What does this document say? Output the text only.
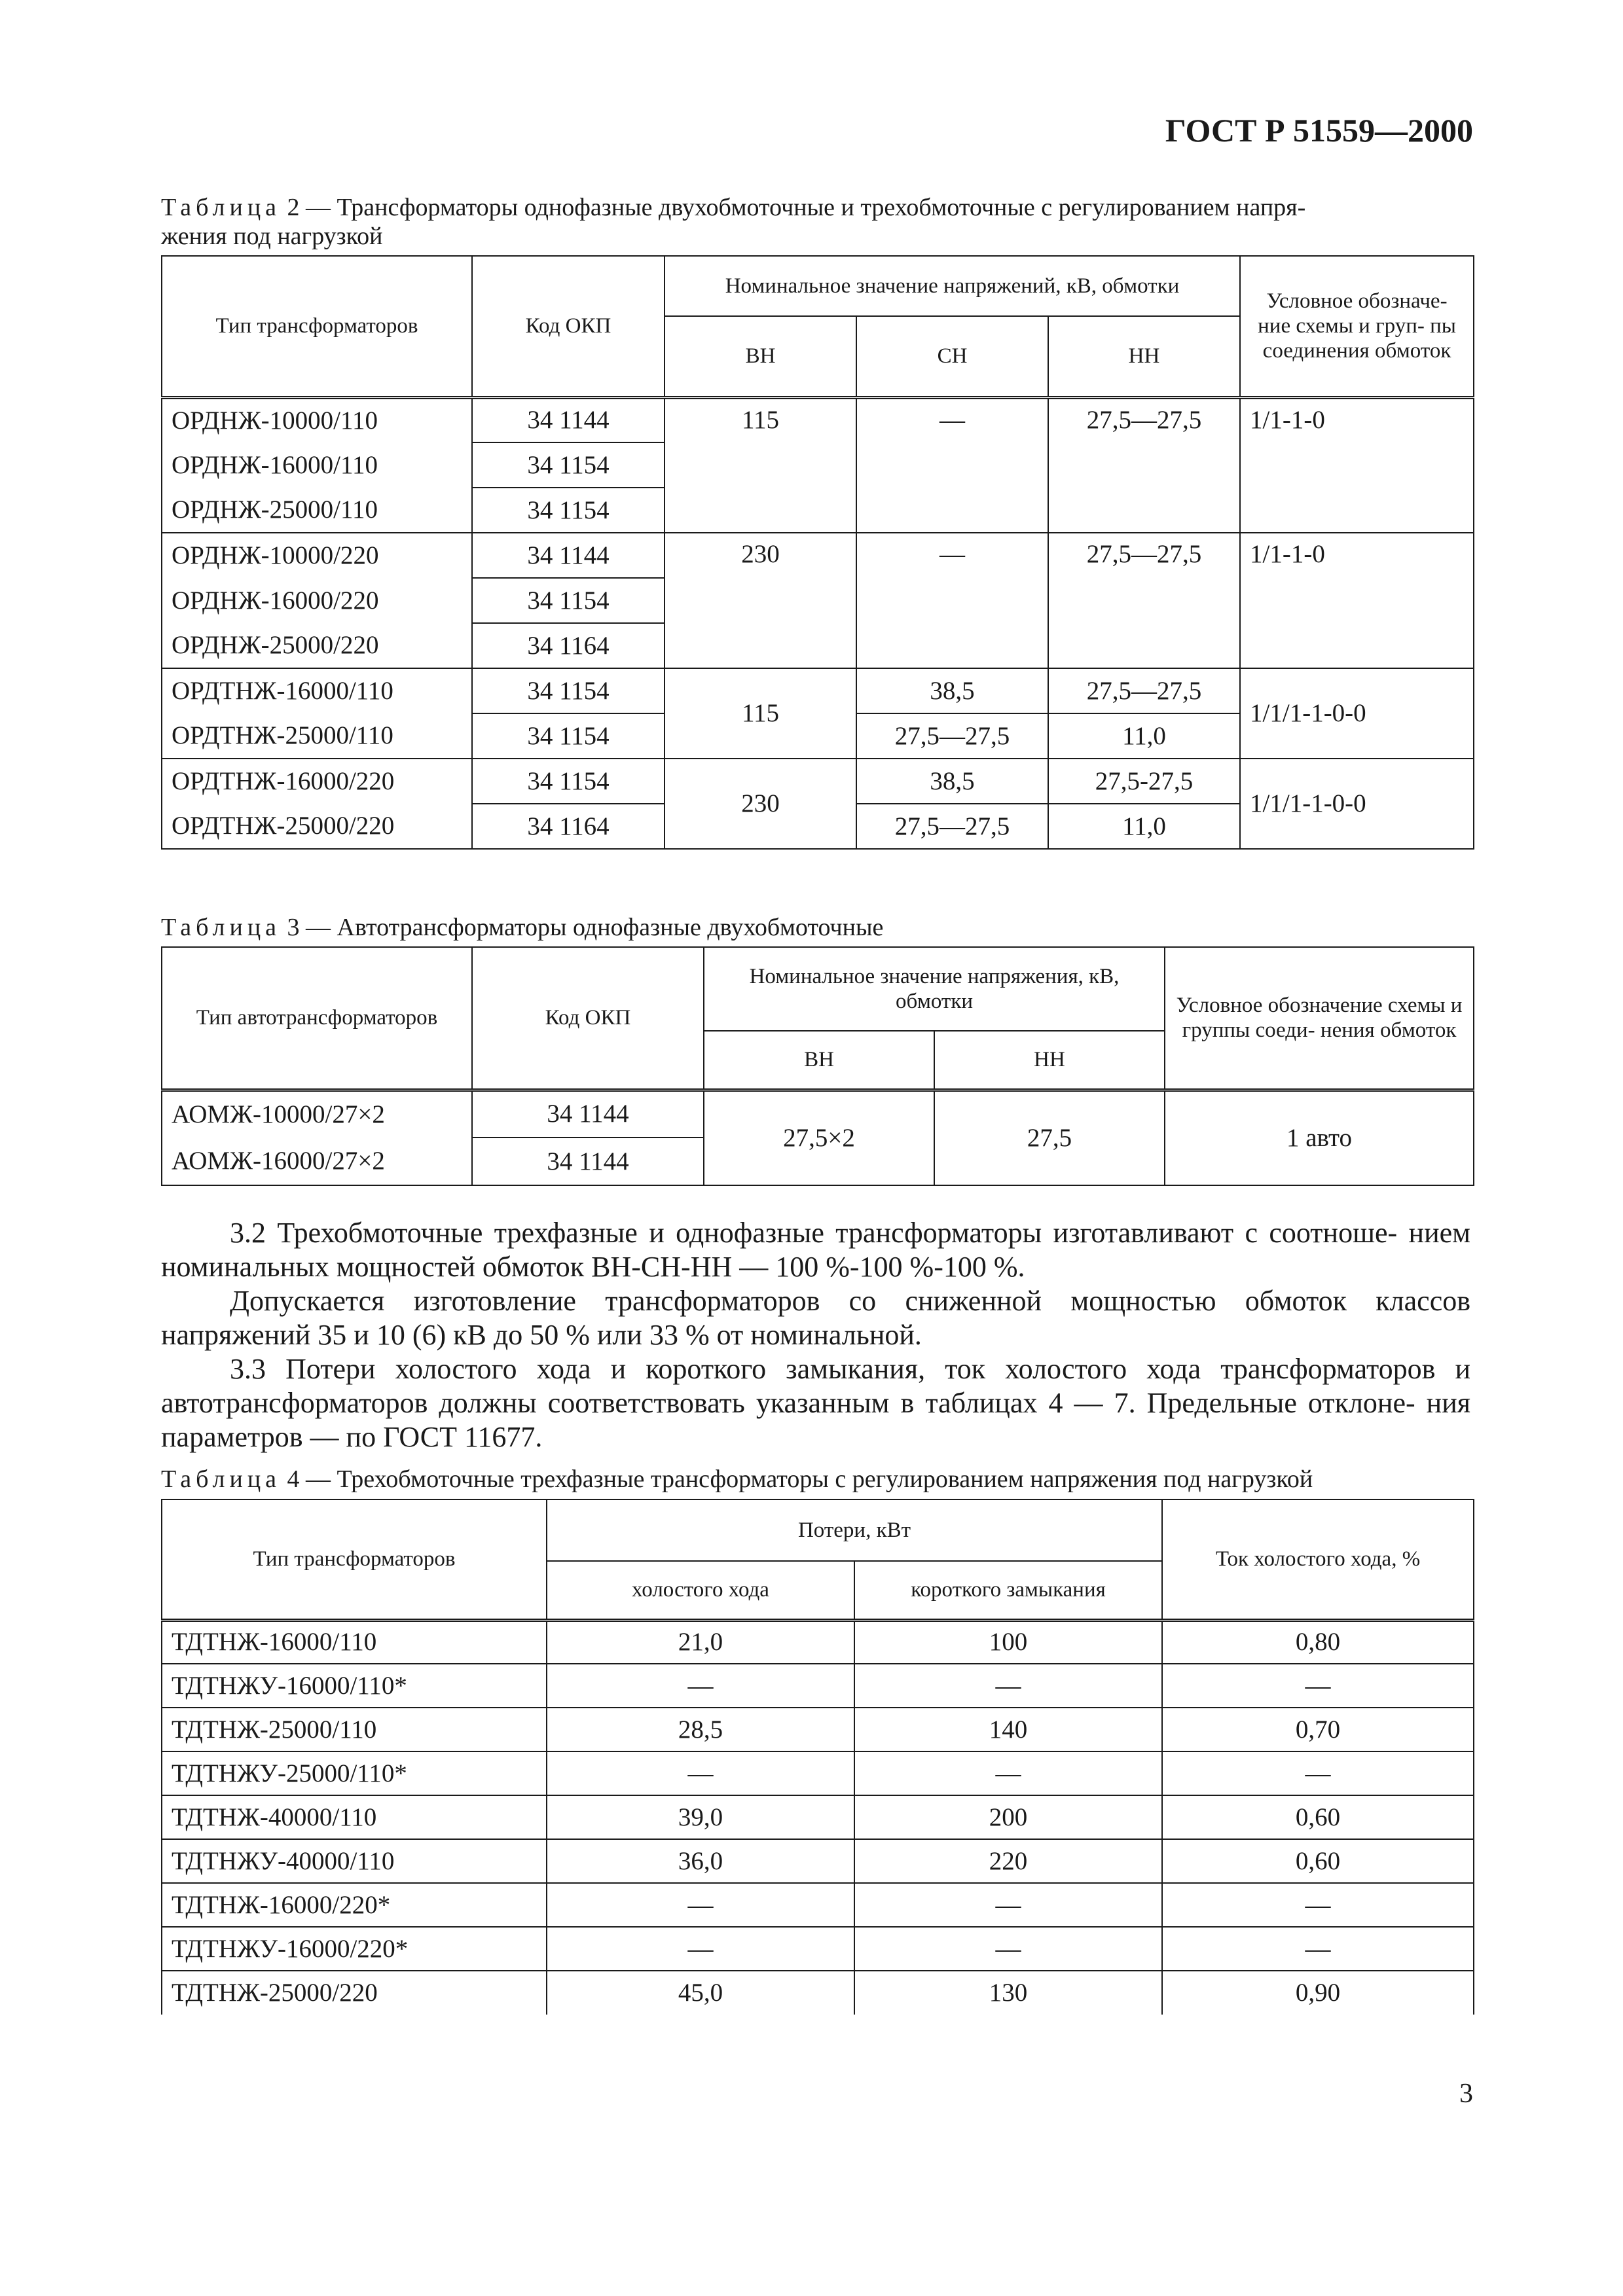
ГОСТ Р 51559—2000
Таблица 2 — Трансформаторы однофазные двухобмоточные и трехобмоточные с регулированием напря-
жения под нагрузкой
Тип трансформаторов	Код ОКП	Номинальное значение напряжений, кВ, обмотки			Условное обозначе- ние схемы и груп- пы соединения обмоток
		ВН	СН	НН	
ОРДНЖ-10000/110	34 1144	115	—	27,5—27,5	1/1-1-0
ОРДНЖ-16000/110	34 1154				
ОРДНЖ-25000/110	34 1154				
ОРДНЖ-10000/220	34 1144	230	—	27,5—27,5	1/1-1-0
ОРДНЖ-16000/220	34 1154				
ОРДНЖ-25000/220	34 1164				
ОРДТНЖ-16000/110	34 1154	115	38,5	27,5—27,5	1/1/1-1-0-0
ОРДТНЖ-25000/110	34 1154		27,5—27,5	11,0	
ОРДТНЖ-16000/220	34 1154	230	38,5	27,5-27,5	1/1/1-1-0-0
ОРДТНЖ-25000/220	34 1164		27,5—27,5	11,0	
Таблица 3 — Автотрансформаторы однофазные двухобмоточные
Тип автотрансформаторов	Код ОКП	Номинальное значение напряжения, кВ, обмотки		Условное обозначение схемы и группы соеди- нения обмоток
		ВН	НН	
АОМЖ-10000/27×2	34 1144	27,5×2	27,5	1 авто
АОМЖ-16000/27×2	34 1144			
3.2 Трехобмоточные трехфазные и однофазные трансформаторы изготавливают с соотноше- нием номинальных мощностей обмоток ВН-СН-НН — 100 %-100 %-100 %.
Допускается изготовление трансформаторов со сниженной мощностью обмоток классов напряжений 35 и 10 (6) кВ до 50 % или 33 % от номинальной.
3.3 Потери холостого хода и короткого замыкания, ток холостого хода трансформаторов и автотрансформаторов должны соответствовать указанным в таблицах 4 — 7. Предельные отклоне- ния параметров — по ГОСТ 11677.
Таблица 4 — Трехобмоточные трехфазные трансформаторы с регулированием напряжения под нагрузкой
Тип трансформаторов	Потери, кВт		Ток холостого хода, %
	холостого хода	короткого замыкания	
ТДТНЖ-16000/110	21,0	100	0,80
ТДТНЖУ-16000/110*	—	—	—
ТДТНЖ-25000/110	28,5	140	0,70
ТДТНЖУ-25000/110*	—	—	—
ТДТНЖ-40000/110	39,0	200	0,60
ТДТНЖУ-40000/110	36,0	220	0,60
ТДТНЖ-16000/220*	—	—	—
ТДТНЖУ-16000/220*	—	—	—
ТДТНЖ-25000/220	45,0	130	0,90
3
